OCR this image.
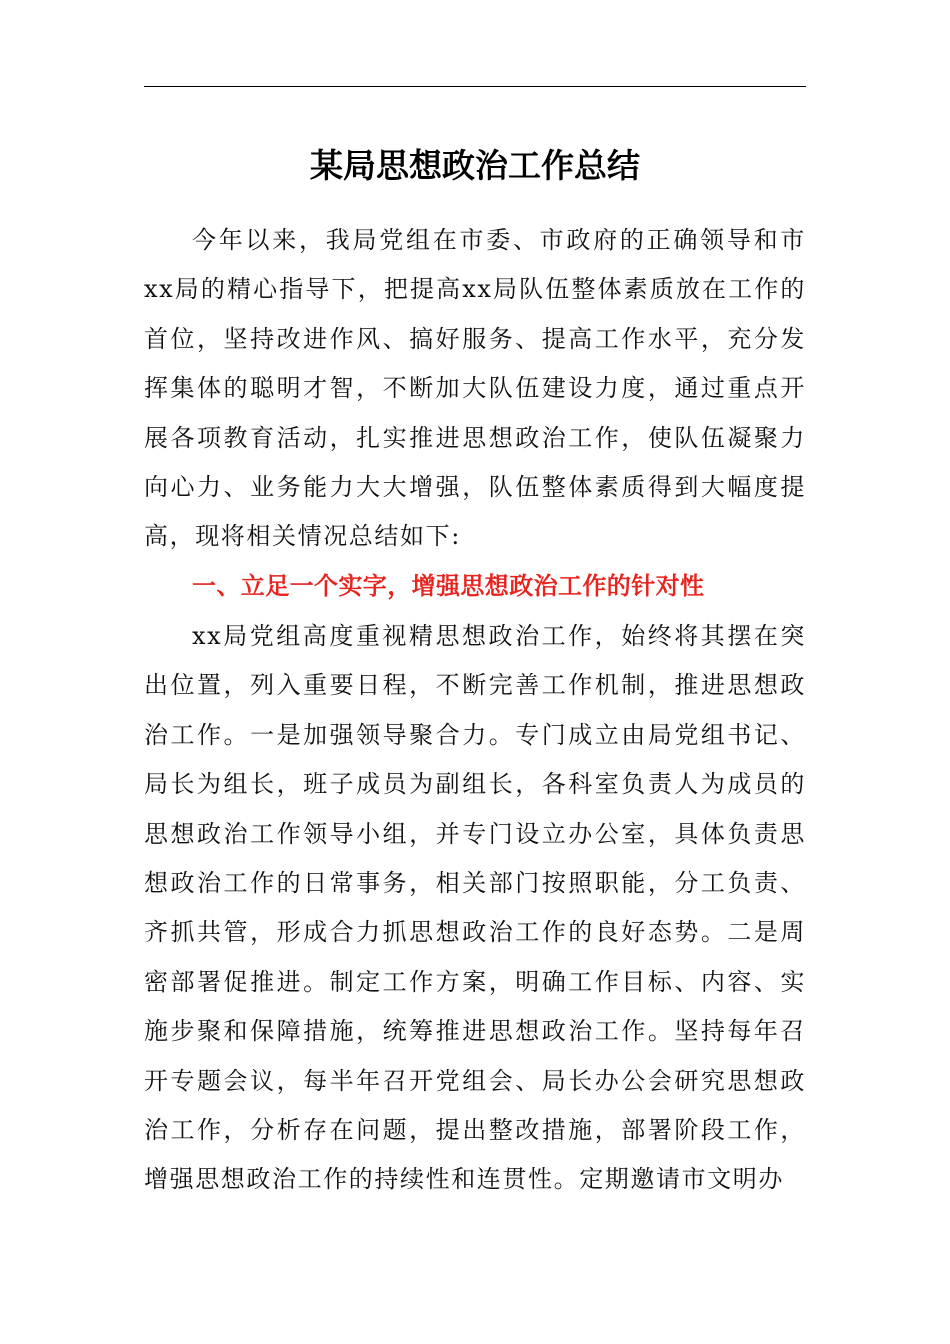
某局思想政治工作总结

今年以来，我局党组在市委、市政府的正确领导和市xx局的精心指导下，把提高xx局队伍整体素质放在工作的首位，坚持改进作风、搞好服务、提高工作水平，充分发挥集体的聪明才智，不断加大队伍建设力度，通过重点开展各项教育活动，扎实推进思想政治工作，使队伍凝聚力向心力、业务能力大大增强，队伍整体素质得到大幅度提高，现将相关情况总结如下:

一、立足一个实字，增强思想政治工作的针对性

xx局党组高度重视精思想政治工作，始终将其摆在突出位置，列入重要日程，不断完善工作机制，推进思想政治工作。一是加强领导聚合力。专门成立由局党组书记、局长为组长，班子成员为副组长，各科室负责人为成员的思想政治工作领导小组，并专门设立办公室，具体负责思想政治工作的日常事务，相关部门按照职能，分工负责、齐抓共管，形成合力抓思想政治工作的良好态势。二是周密部署促推进。制定工作方案，明确工作目标、内容、实施步聚和保障措施，统筹推进思想政治工作。坚持每年召开专题会议，每半年召开党组会、局长办公会研究思想政治工作，分析存在问题，提出整改措施，部署阶段工作，增强思想政治工作的持续性和连贯性。定期邀请市文明办
